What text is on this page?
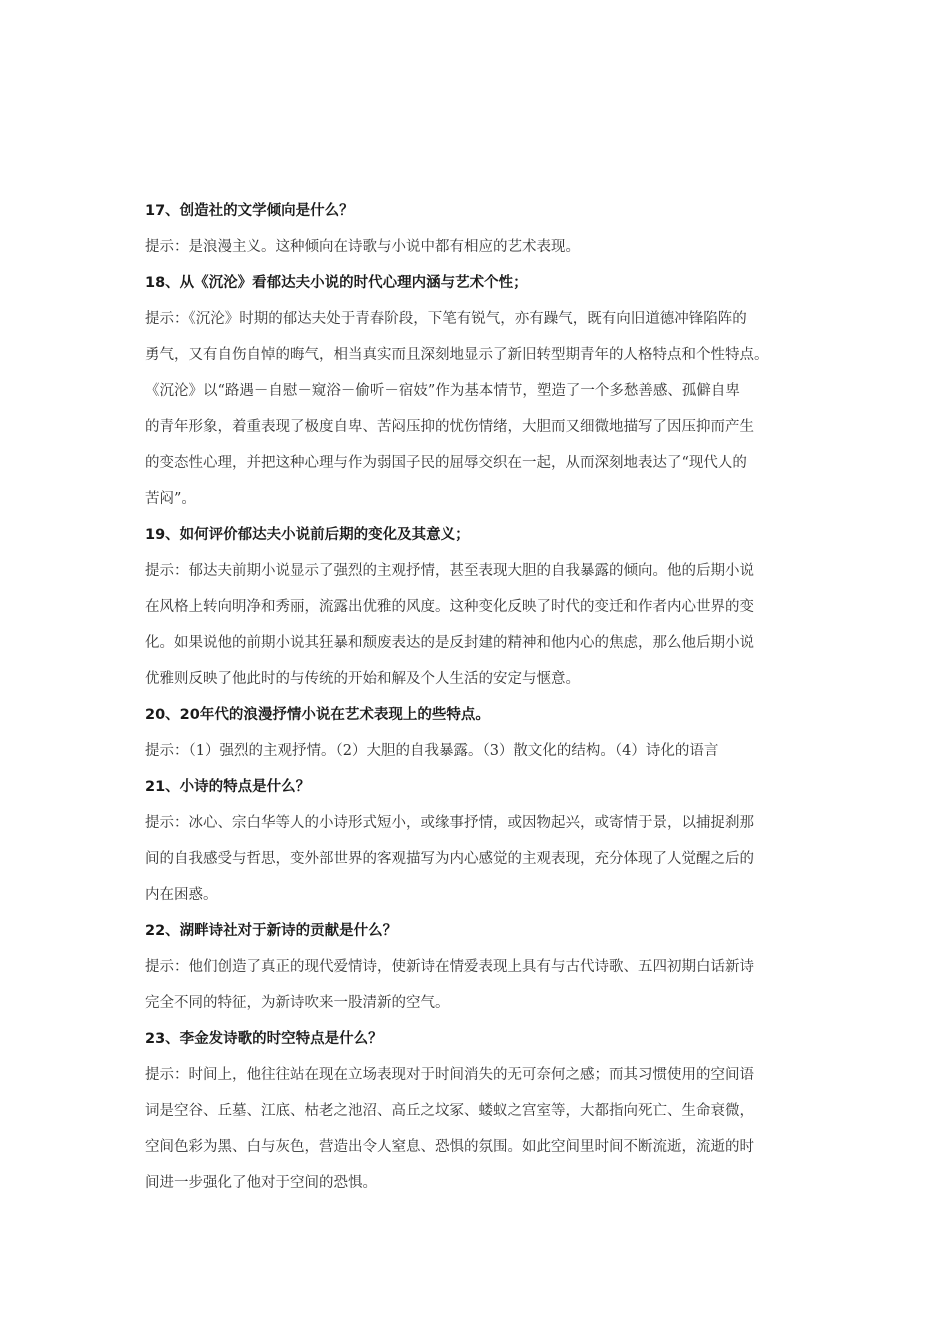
17、创造社的文学倾向是什么？

提示：是浪漫主义。这种倾向在诗歌与小说中都有相应的艺术表现。

18、从《沉沦》看郁达夫小说的时代心理内涵与艺术个性；

提示：《沉沦》时期的郁达夫处于青春阶段，下笔有锐气，亦有躁气，既有向旧道德冲锋陷阵的
勇气，又有自伤自悼的晦气，相当真实而且深刻地显示了新旧转型期青年的人格特点和个性特点。
《沉沦》以“路遇－自慰－窥浴－偷听－宿妓”作为基本情节，塑造了一个多愁善感、孤僻自卑
的青年形象，着重表现了极度自卑、苦闷压抑的忧伤情绪，大胆而又细微地描写了因压抑而产生
的变态性心理，并把这种心理与作为弱国子民的屈辱交织在一起，从而深刻地表达了“现代人的
苦闷”。

19、如何评价郁达夫小说前后期的变化及其意义；

提示：郁达夫前期小说显示了强烈的主观抒情，甚至表现大胆的自我暴露的倾向。他的后期小说
在风格上转向明净和秀丽，流露出优雅的风度。这种变化反映了时代的变迁和作者内心世界的变
化。如果说他的前期小说其狂暴和颓废表达的是反封建的精神和他内心的焦虑，那么他后期小说
优雅则反映了他此时的与传统的开始和解及个人生活的安定与惬意。

20、20年代的浪漫抒情小说在艺术表现上的些特点。

提示：（1）强烈的主观抒情。（2）大胆的自我暴露。（3）散文化的结构。（4）诗化的语言

21、小诗的特点是什么？

提示：冰心、宗白华等人的小诗形式短小，或缘事抒情，或因物起兴，或寄情于景，以捕捉刹那
间的自我感受与哲思，变外部世界的客观描写为内心感觉的主观表现，充分体现了人觉醒之后的
内在困惑。

22、湖畔诗社对于新诗的贡献是什么？

提示：他们创造了真正的现代爱情诗，使新诗在情爱表现上具有与古代诗歌、五四初期白话新诗
完全不同的特征，为新诗吹来一股清新的空气。

23、李金发诗歌的时空特点是什么？

提示：时间上，他往往站在现在立场表现对于时间消失的无可奈何之感；而其习惯使用的空间语
词是空谷、丘墓、江底、枯老之池沼、高丘之坟冢、蝼蚁之宫室等，大都指向死亡、生命衰微，
空间色彩为黑、白与灰色，营造出令人窒息、恐惧的氛围。如此空间里时间不断流逝，流逝的时
间进一步强化了他对于空间的恐惧。
